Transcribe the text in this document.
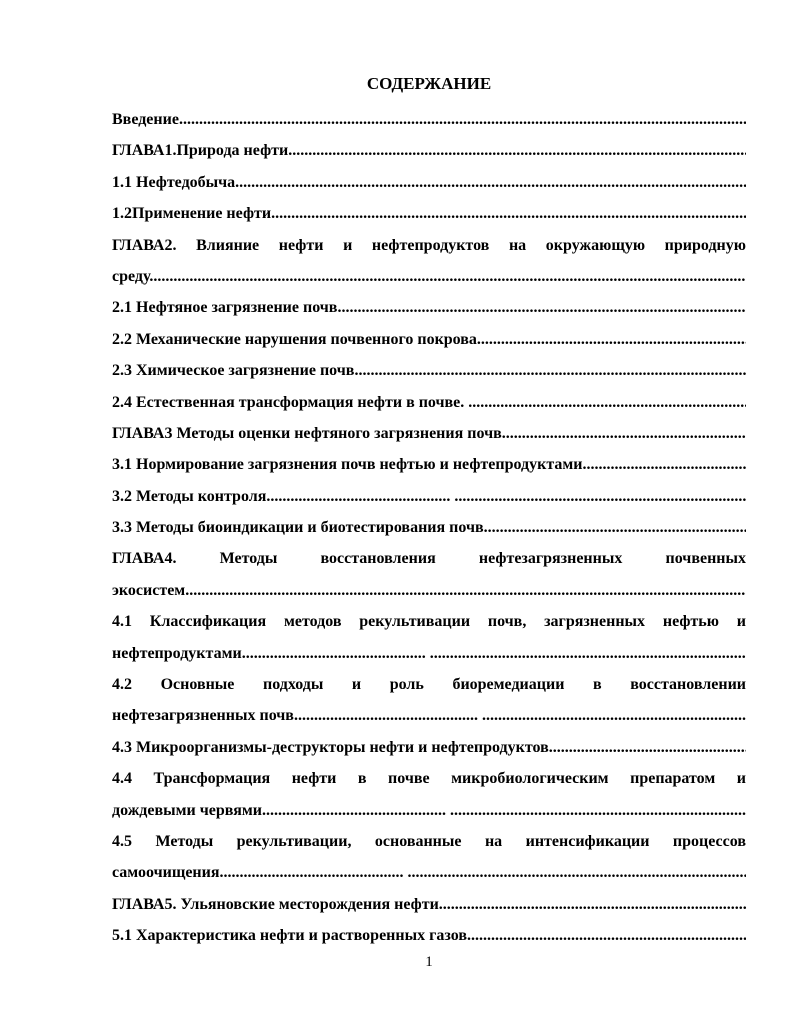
СОДЕРЖАНИЕ
Введение .....
ГЛАВА1.Природа нефти .....
1.1 Нефтедобыча .....
1.2Применение нефти .....
ГЛАВА2. Влияние нефти и нефтепродуктов на окружающую природную
среду .....
2.1 Нефтяное загрязнение почв .....
2.2 Механические нарушения почвенного покрова .....
2.3 Химическое загрязнение почв .....
2.4 Естественная трансформация нефти в почве. .....
ГЛАВА3 Методы оценки нефтяного загрязнения почв .....
3.1 Нормирование загрязнения почв нефтью и нефтепродуктами .....
3.2 Методы контроля.............................................. .....
3.3 Методы биоиндикации и биотестирования почв .....
ГЛАВА4. Методы восстановления нефтезагрязненных почвенных
экосистем .....
4.1 Классификация методов рекультивации почв, загрязненных нефтью и
нефтепродуктами.............................................. .....
4.2 Основные подходы и роль биоремедиации в восстановлении
нефтезагрязненных почв.............................................. .....
4.3 Микроорганизмы-деструкторы нефти и нефтепродуктов .....
4.4 Трансформация нефти в почве микробиологическим препаратом и
дождевыми червями.............................................. .....
4.5 Методы рекультивации, основанные на интенсификации процессов
самоочищения.............................................. .....
ГЛАВА5. Ульяновские месторождения нефти .....
5.1 Характеристика нефти и растворенных газов .....
1
